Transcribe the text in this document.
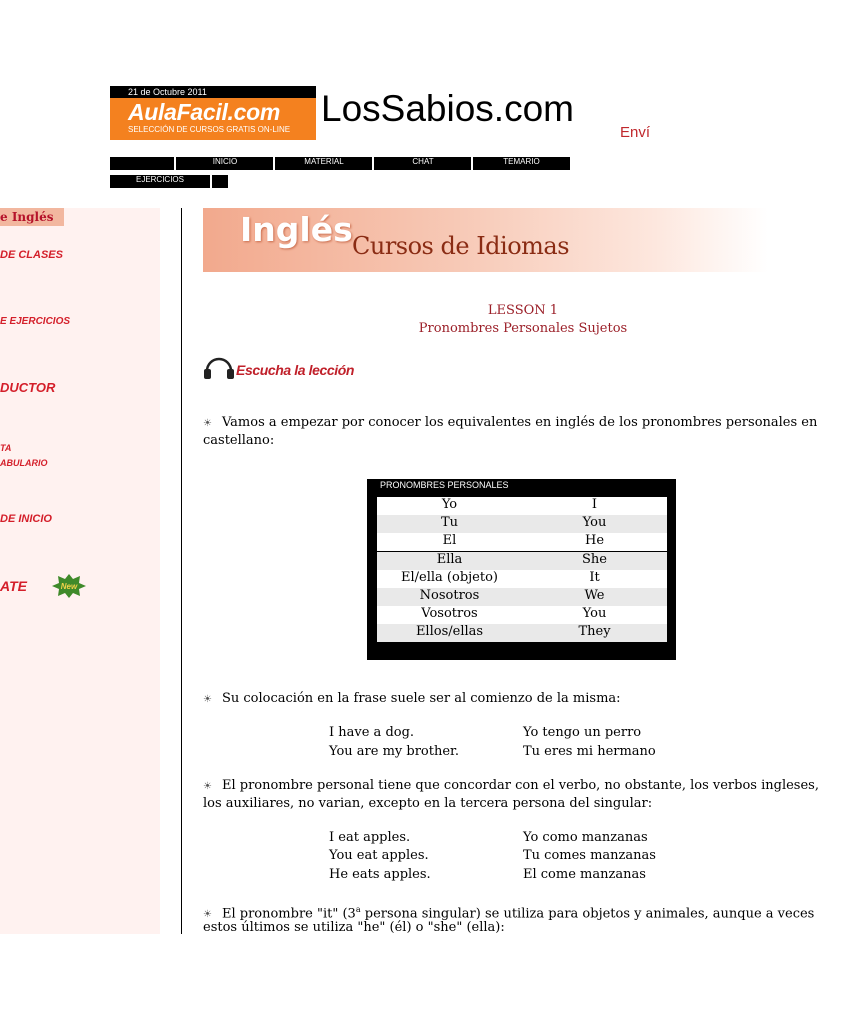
21 de Octubre 2011
AulaFacil.com
SELECCIÓN DE CURSOS GRATIS ON-LINE
LosSabios.com
Enví
INICIO	MATERIAL	CHAT	TEMARIO
EJERCICIOS
e Inglés
DE CLASES
E EJERCICIOS
DUCTOR
TA
ABULARIO
DE INICIO
ATE	New
Inglés Cursos de Idiomas
LESSON 1
Pronombres Personales Sujetos
Escucha la lección
☀ Vamos a empezar por conocer los equivalentes en inglés de los pronombres personales en
castellano:
PRONOMBRES PERSONALES
Yo	I
Tu	You
El	He
Ella	She
El/ella (objeto)	It
Nosotros	We
Vosotros	You
Ellos/ellas	They
☀ Su colocación en la frase suele ser al comienzo de la misma:
I have a dog.	Yo tengo un perro
You are my brother.	Tu eres mi hermano
☀ El pronombre personal tiene que concordar con el verbo, no obstante, los verbos ingleses,
los auxiliares, no varian, excepto en la tercera persona del singular:
I eat apples.	Yo como manzanas
You eat apples.	Tu comes manzanas
He eats apples.	El come manzanas
☀ El pronombre "it" (3$^a$ persona singular) se utiliza para objetos y animales, aunque a veces
estos últimos se utiliza "he" (él) o "she" (ella):
